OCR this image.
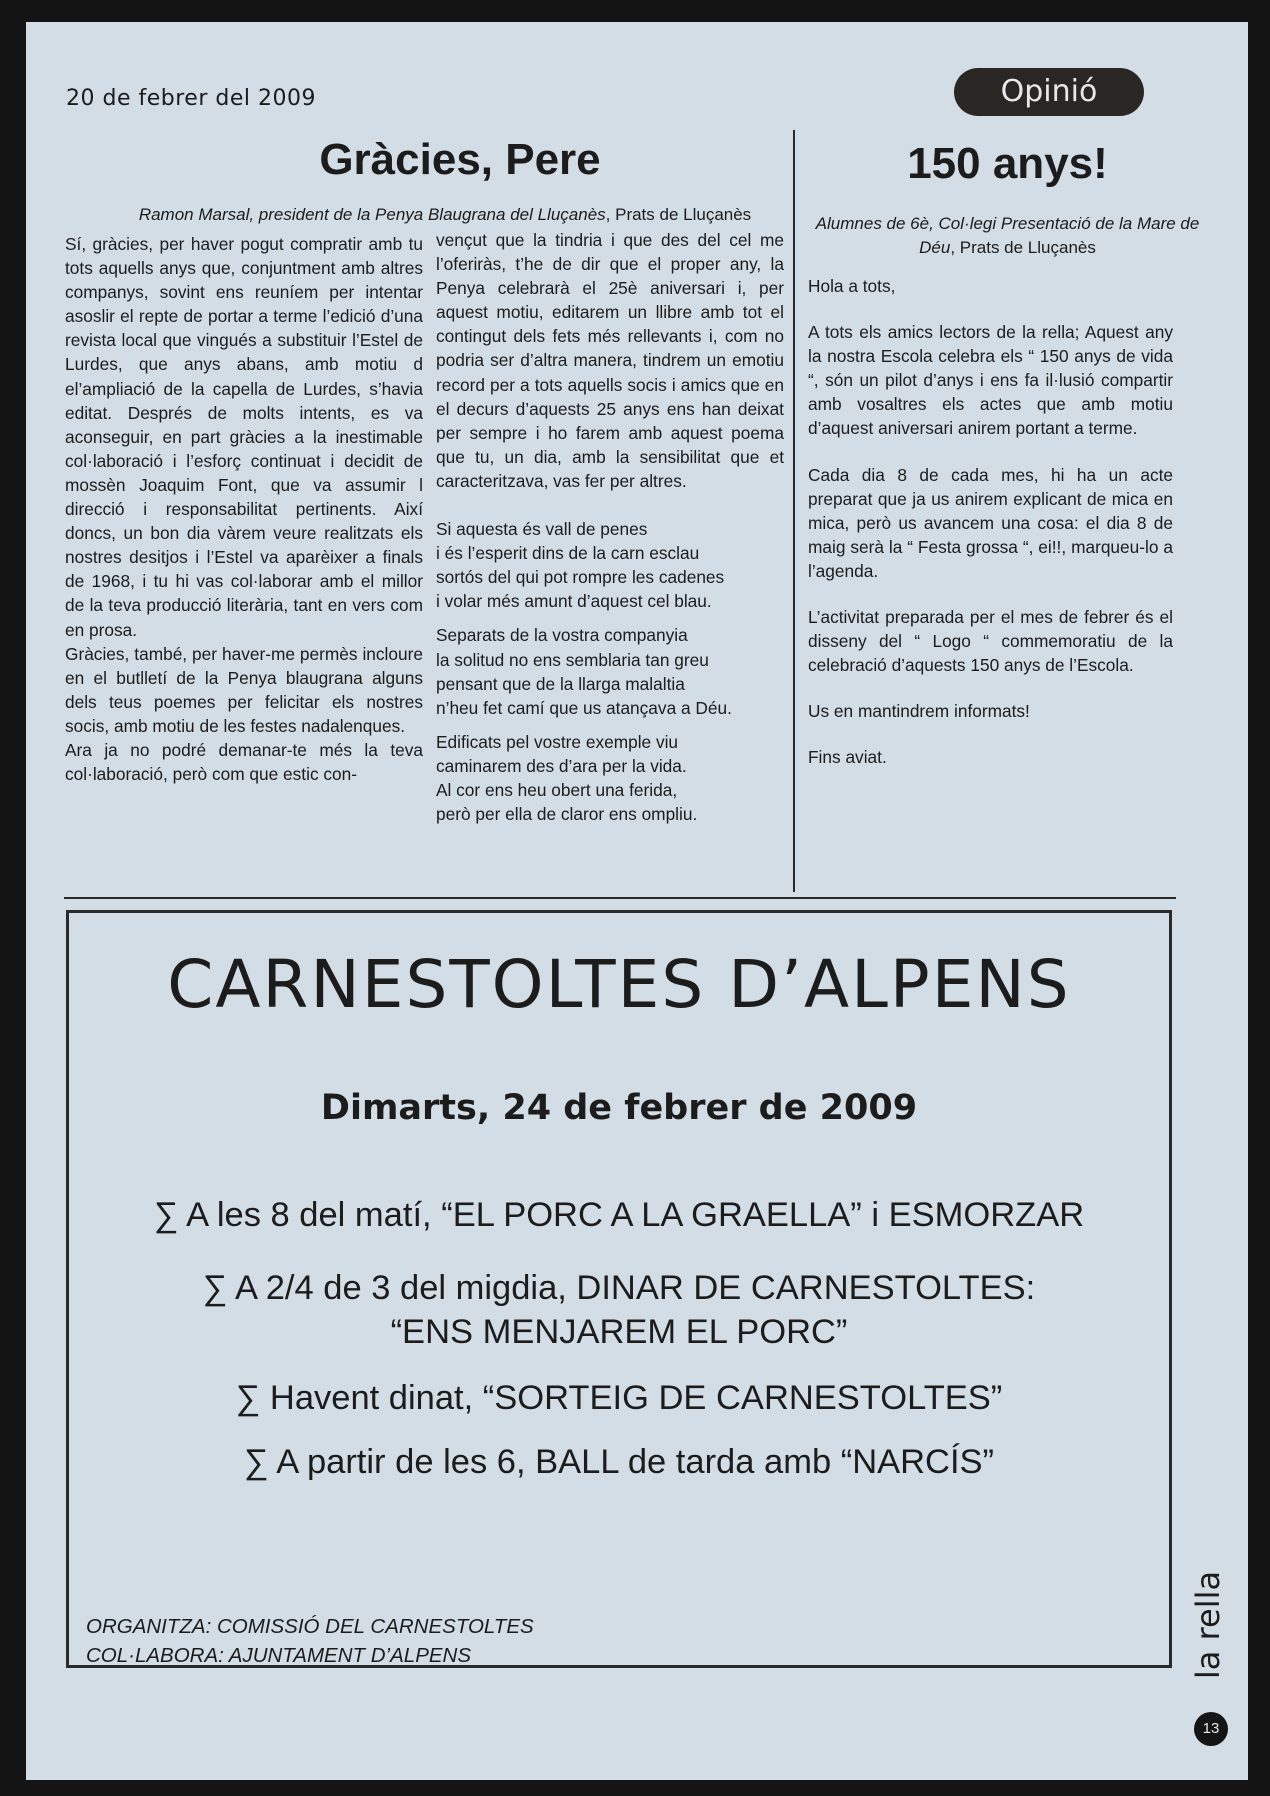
20 de febrer del 2009	Opinió
Gràcies, Pere
Ramon Marsal, president de la Penya Blaugrana del Lluçanès, Prats de Lluçanès

Sí, gràcies, per haver pogut compratir amb tu tots aquells anys que, conjuntment amb altres companys, sovint ens reuníem per intentar asoslir el repte de portar a terme l’edició d’una revista local que vingués a substituir l’Estel de Lurdes, que anys abans, amb motiu d el’ampliació de la capella de Lurdes, s’havia editat. Després de molts intents, es va aconseguir, en part gràcies a la inestimable col·laboració i l’esforç continuat i decidit de mossèn Joaquim Font, que va assumir l direcció i responsabilitat pertinents. Així doncs, un bon dia vàrem veure realitzats els nostres desitjos i l’Estel va aparèixer a finals de 1968, i tu hi vas col·laborar amb el millor de la teva producció literària, tant en vers com en prosa.

Gràcies, també, per haver-me permès incloure en el butlletí de la Penya blaugrana alguns dels teus poemes per felicitar els nostres socis, amb motiu de les festes nadalenques.

Ara ja no podré demanar-te més la teva col·laboració, però com que estic con-

vençut que la tindria i que des del cel me l’oferiràs, t’he de dir que el proper any, la Penya celebrarà el 25è aniversari i, per aquest motiu, editarem un llibre amb tot el contingut dels fets més rellevants i, com no podria ser d’altra manera, tindrem un emotiu record per a tots aquells socis i amics que en el decurs d’aquests 25 anys ens han deixat per sempre i ho farem amb aquest poema que tu, un dia, amb la sensibilitat que et caracteritzava, vas fer per altres.

Si aquesta és vall de penes
i és l’esperit dins de la carn esclau
sortós del qui pot rompre les cadenes
i volar més amunt d’aquest cel blau.
Separats de la vostra companyia
la solitud no ens semblaria tan greu
pensant que de la llarga malaltia
n’heu fet camí que us atançava a Déu.
Edificats pel vostre exemple viu
caminarem des d’ara per la vida.
Al cor ens heu obert una ferida,
però per ella de claror ens ompliu.
150 anys!
Alumnes de 6è, Col·legi Presentació de la Mare de Déu, Prats de Lluçanès

Hola a tots,

A tots els amics lectors de la rella; Aquest any la nostra Escola celebra els “ 150 anys de vida “, són un pilot d’anys i ens fa il·lusió compartir amb vosaltres els actes que amb motiu d’aquest aniversari anirem portant a terme.

Cada dia 8 de cada mes, hi ha un acte preparat que ja us anirem explicant de mica en mica, però us avancem una cosa: el dia 8 de maig serà la “ Festa grossa “, ei!!, marqueu-lo a l’agenda.

L’activitat preparada per el mes de febrer és el disseny del “ Logo “ commemoratiu de la celebració d’aquests 150 anys de l’Escola.

Us en mantindrem informats!

Fins aviat.

CARNESTOLTES D’ALPENS
Dimarts, 24 de febrer de 2009
∑ A les 8 del matí, “EL PORC A LA GRAELLA” i ESMORZAR
∑ A 2/4 de 3 del migdia, DINAR DE CARNESTOLTES:
“ENS MENJAREM EL PORC”
∑ Havent dinat, “SORTEIG DE CARNESTOLTES”
∑ A partir de les 6, BALL de tarda amb “NARCÍS”
ORGANITZA: COMISSIÓ DEL CARNESTOLTES
COL·LABORA: AJUNTAMENT D’ALPENS	la rella
13
